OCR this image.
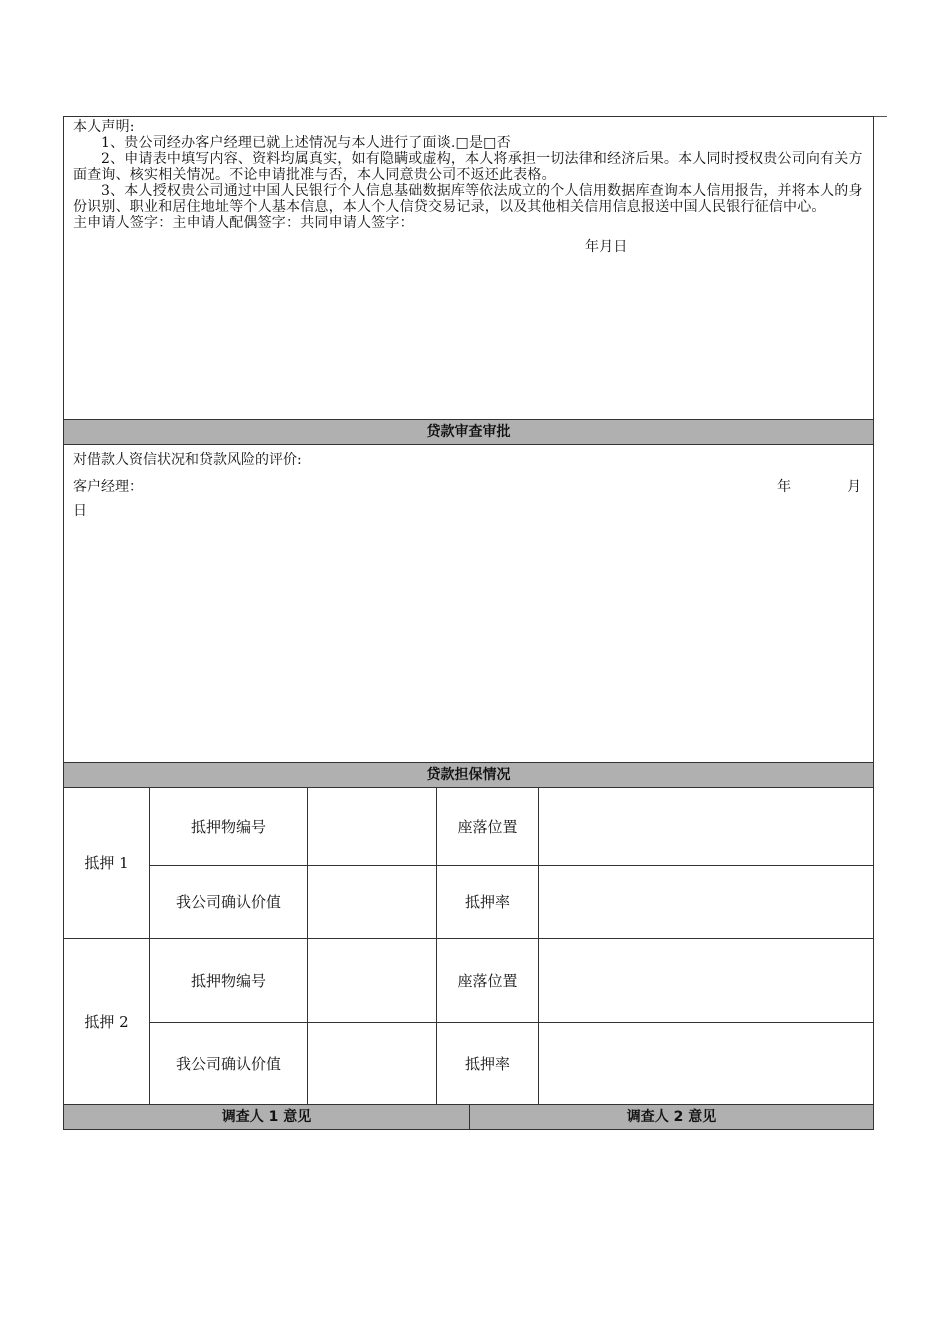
本人声明:

1、贵公司经办客户经理已就上述情况与本人进行了面谈.□是□否

2、申请表中填写内容、资料均属真实，如有隐瞒或虚构，本人将承担一切法律和经济后果。本人同时授权贵公司向有关方面查询、核实相关情况。不论申请批准与否，本人同意贵公司不返还此表格。

3、本人授权贵公司通过中国人民银行个人信息基础数据库等依法成立的个人信用数据库查询本人信用报告，并将本人的身份识别、职业和居住地址等个人基本信息，本人个人信贷交易记录，以及其他相关信用信息报送中国人民银行征信中心。

主申请人签字：主申请人配偶签字：共同申请人签字：

年月日

贷款审查审批

对借款人资信状况和贷款风险的评价:
客户经理：	年	月
日

贷款担保情况
抵押 1	抵押物编号		座落位置	
我公司确认价值		抵押率	
抵押 2	抵押物编号		座落位置	
我公司确认价值		抵押率	

调查人 1 意见	调查人 2 意见
